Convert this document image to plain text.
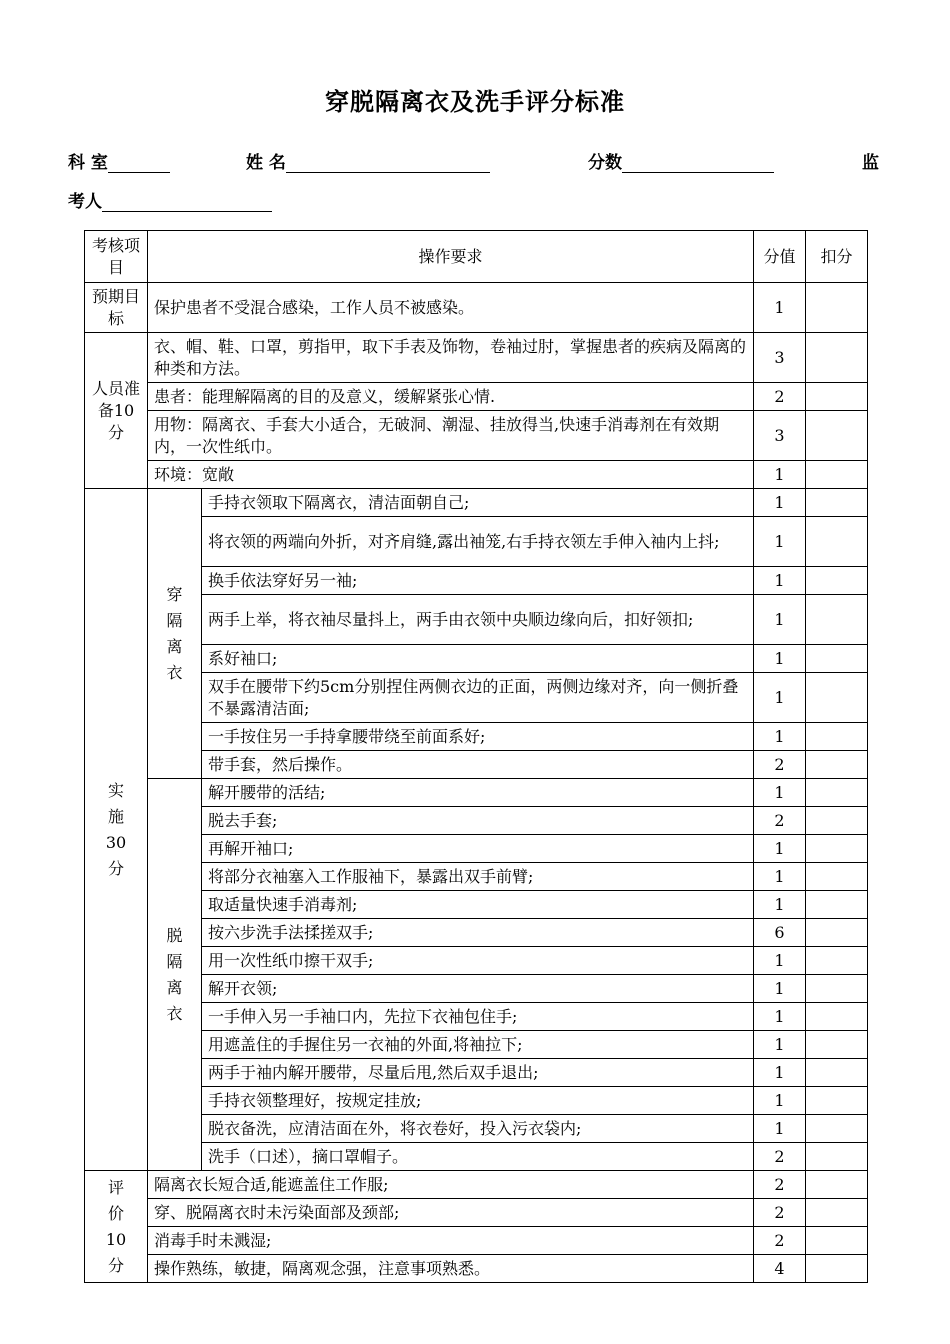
穿脱隔离衣及洗手评分标准
科 室	姓 名	分数	监
考人
考核项目	操作要求		分值	扣分
预期目标	保护患者不受混合感染，工作人员不被感染。		1	
人员准备10分	衣、帽、鞋、口罩，剪指甲，取下手表及饰物，卷袖过肘，掌握患者的疾病及隔离的种类和方法。		3	
	患者：能理解隔离的目的及意义，缓解紧张心情.		2	
	用物：隔离衣、手套大小适合，无破洞、潮湿、挂放得当,快速手消毒剂在有效期内，一次性纸巾。		3	
	环境：宽敞		1	

实施30分	穿隔离衣	手持衣领取下隔离衣，清洁面朝自己;	1	
		将衣领的两端向外折，对齐肩缝,露出袖笼,右手持衣领左手伸入袖内上抖;	1	
		换手依法穿好另一袖;	1	
		两手上举，将衣袖尽量抖上，两手由衣领中央顺边缘向后，扣好领扣;	1	
		系好袖口;	1	
		双手在腰带下约5cm分别捏住两侧衣边的正面，两侧边缘对齐，向一侧折叠不暴露清洁面;	1	
		一手按住另一手持拿腰带绕至前面系好;	1	
		带手套，然后操作。	2	

	脱隔离衣	解开腰带的活结;	1	
		脱去手套;	2	
		再解开袖口;	1	
		将部分衣袖塞入工作服袖下，暴露出双手前臂;	1	
		取适量快速手消毒剂;	1	
		按六步洗手法揉搓双手;	6	
		用一次性纸巾擦干双手;	1	
		解开衣领;	1	
		一手伸入另一手袖口内，先拉下衣袖包住手;	1	
		用遮盖住的手握住另一衣袖的外面,将袖拉下;	1	
		两手于袖内解开腰带，尽量后甩,然后双手退出;	1	
		手持衣领整理好，按规定挂放;	1	
		脱衣备洗，应清洁面在外，将衣卷好，投入污衣袋内;	1	
		洗手（口述），摘口罩帽子。	2	

评价10分	隔离衣长短合适,能遮盖住工作服;		2	
	穿、脱隔离衣时未污染面部及颈部;		2	
	消毒手时未溅湿;		2	
	操作熟练，敏捷，隔离观念强，注意事项熟悉。		4	
